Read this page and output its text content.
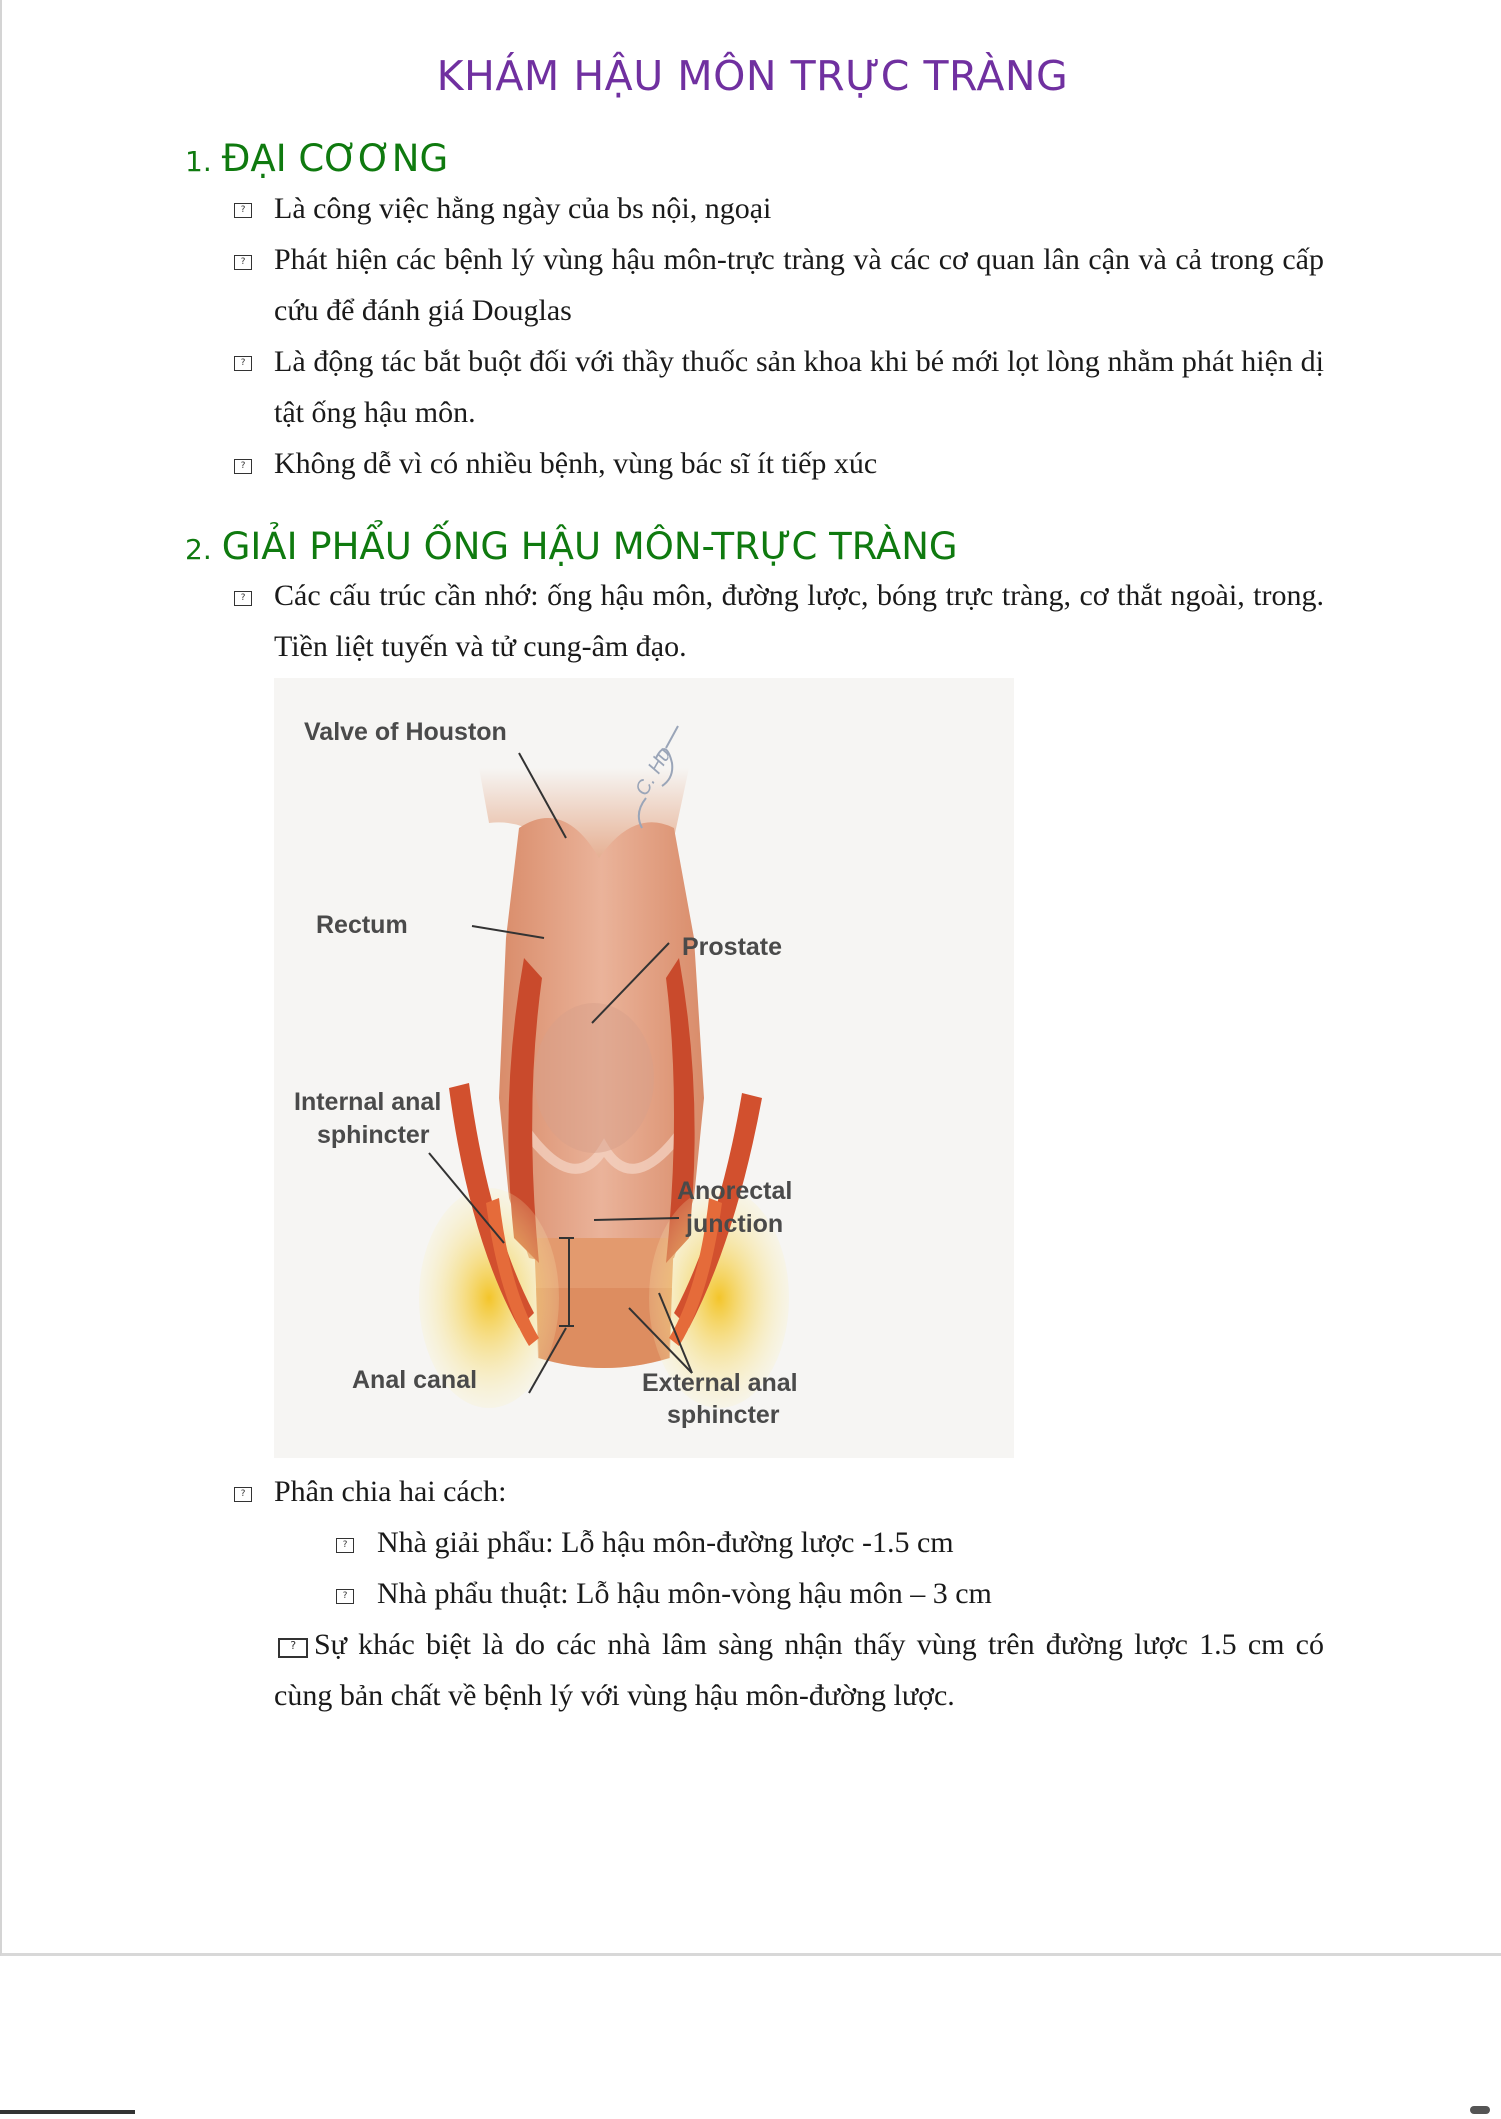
KHÁM HẬU MÔN TRỰC TRÀNG
1. ĐẠI CƠƠNG
? Là công việc hằng ngày của bs nội, ngoại
? Phát hiện các bệnh lý vùng hậu môn-trực tràng và các cơ quan lân cận và cả trong cấp cứu để đánh giá Douglas
? Là động tác bắt buột đối với thầy thuốc sản khoa khi bé mới lọt lòng nhằm phát hiện dị tật ống hậu môn.
? Không dễ vì có nhiều bệnh, vùng bác sĩ ít tiếp xúc
2. GIẢI PHẨU ỐNG HẬU MÔN-TRỰC TRÀNG
? Các cấu trúc cần nhớ: ống hậu môn, đường lược, bóng trực tràng, cơ thắt ngoài, trong. Tiền liệt tuyến và tử cung-âm đạo.
C. Hu
Valve of Houston
Rectum
Prostate
Internal anal
sphincter
Anorectal
junction
Anal canal	External anal
sphincter
? Phân chia hai cách:
? Nhà giải phẩu: Lỗ hậu môn-đường lược -1.5 cm
? Nhà phẩu thuật: Lỗ hậu môn-vòng hậu môn – 3 cm
? Sự khác biệt là do các nhà lâm sàng nhận thấy vùng trên đường lược 1.5 cm có cùng bản chất về bệnh lý với vùng hậu môn-đường lược.
